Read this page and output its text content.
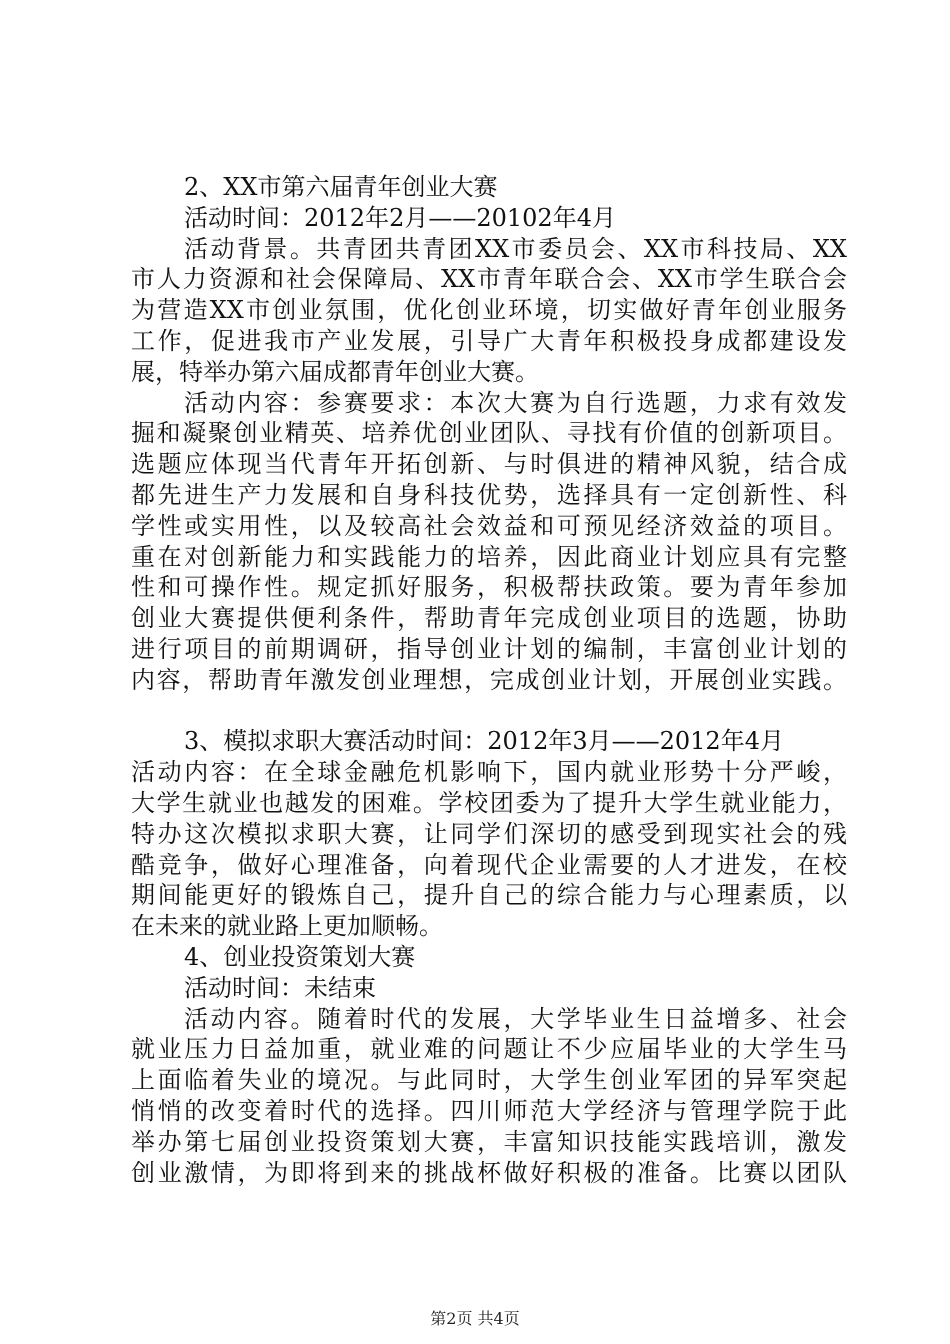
2、XX市第六届青年创业大赛
活动时间：2012年2月——20102年4月
活动背景。共青团共青团XX市委员会、XX市科技局、XX
市人力资源和社会保障局、XX市青年联合会、XX市学生联合会
为营造XX市创业氛围，优化创业环境，切实做好青年创业服务
工作，促进我市产业发展，引导广大青年积极投身成都建设发
展，特举办第六届成都青年创业大赛。
活动内容：参赛要求：本次大赛为自行选题，力求有效发
掘和凝聚创业精英、培养优创业团队、寻找有价值的创新项目。
选题应体现当代青年开拓创新、与时俱进的精神风貌，结合成
都先进生产力发展和自身科技优势，选择具有一定创新性、科
学性或实用性，以及较高社会效益和可预见经济效益的项目。
重在对创新能力和实践能力的培养，因此商业计划应具有完整
性和可操作性。规定抓好服务，积极帮扶政策。要为青年参加
创业大赛提供便利条件，帮助青年完成创业项目的选题，协助
进行项目的前期调研，指导创业计划的编制，丰富创业计划的
内容，帮助青年激发创业理想，完成创业计划，开展创业实践。
3、模拟求职大赛活动时间：2012年3月——2012年4月
活动内容：在全球金融危机影响下，国内就业形势十分严峻，
大学生就业也越发的困难。学校团委为了提升大学生就业能力，
特办这次模拟求职大赛，让同学们深切的感受到现实社会的残
酷竞争，做好心理准备，向着现代企业需要的人才进发，在校
期间能更好的锻炼自己，提升自己的综合能力与心理素质，以
在未来的就业路上更加顺畅。
4、创业投资策划大赛
活动时间：未结束
活动内容。随着时代的发展，大学毕业生日益增多、社会
就业压力日益加重，就业难的问题让不少应届毕业的大学生马
上面临着失业的境况。与此同时，大学生创业军团的异军突起
悄悄的改变着时代的选择。四川师范大学经济与管理学院于此
举办第七届创业投资策划大赛，丰富知识技能实践培训，激发
创业激情，为即将到来的挑战杯做好积极的准备。比赛以团队
第2页 共4页
